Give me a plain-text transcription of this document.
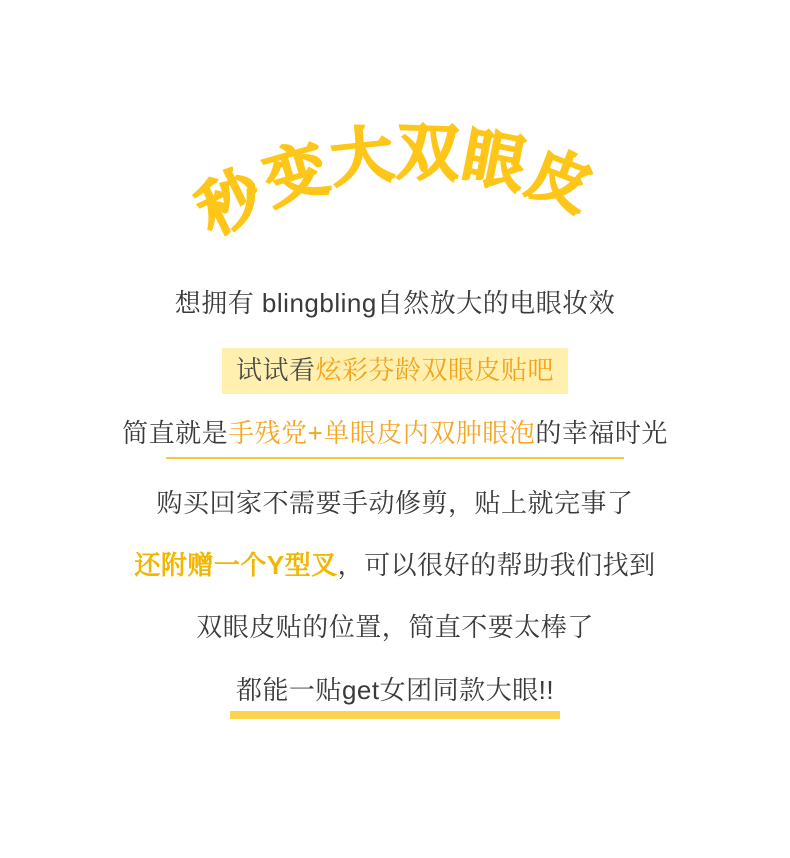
秒
变
大 双
眼
皮

想拥有 blingbling自然放大的电眼妆效

试试看炫彩芬龄双眼皮贴吧

简直就是手残党+单眼皮内双肿眼泡的幸福时光

购买回家不需要手动修剪，贴上就完事了

还附赠一个Y型叉，可以很好的帮助我们找到

双眼皮贴的位置，简直不要太棒了

都能一贴get女团同款大眼!!
